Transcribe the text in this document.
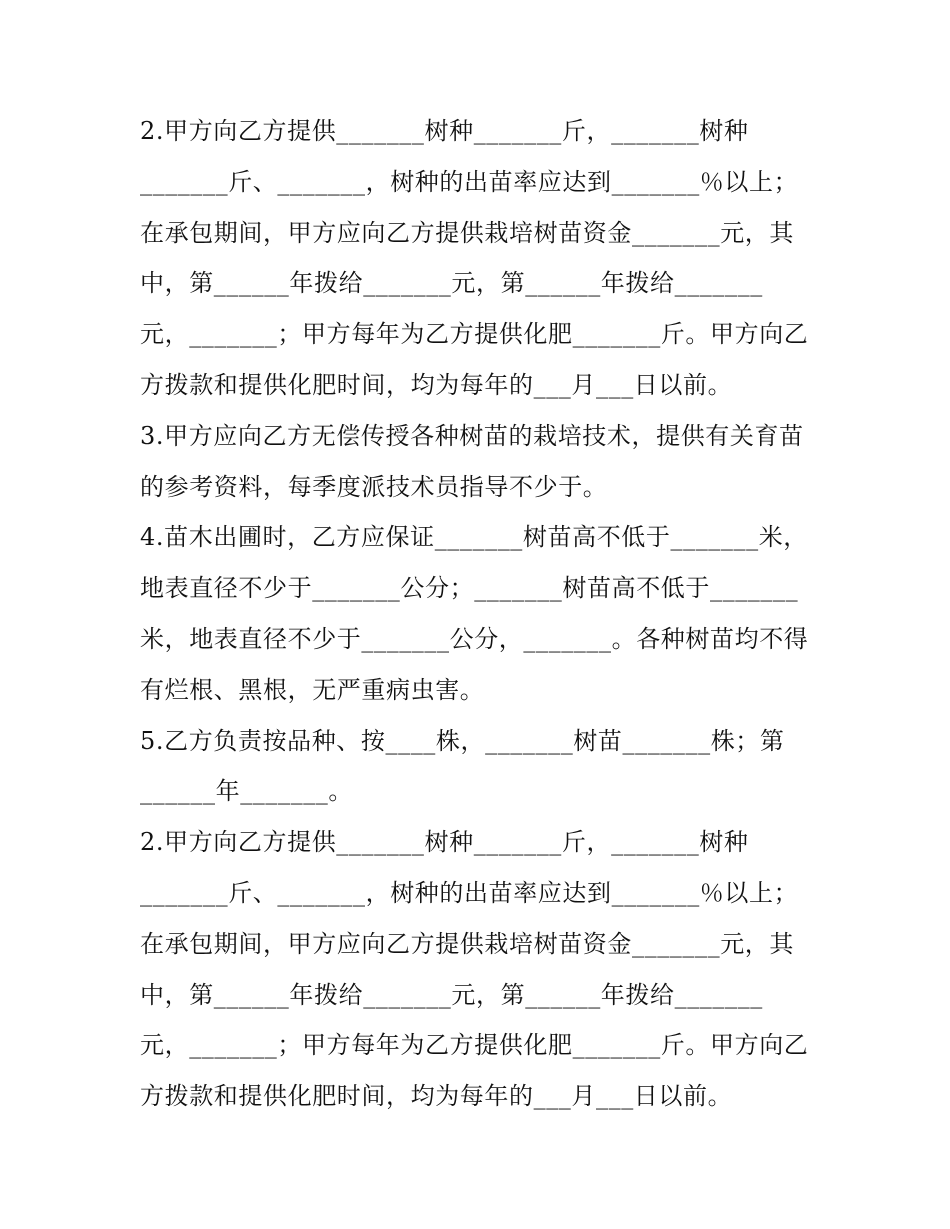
2.甲方向乙方提供_______树种_______斤，_______树种
_______斤、_______，树种的出苗率应达到_______％以上；
在承包期间，甲方应向乙方提供栽培树苗资金_______元，其
中，第______年拨给_______元，第______年拨给_______
元，_______；甲方每年为乙方提供化肥_______斤。甲方向乙
方拨款和提供化肥时间，均为每年的___月___日以前。
3.甲方应向乙方无偿传授各种树苗的栽培技术，提供有关育苗
的参考资料，每季度派技术员指导不少于。
4.苗木出圃时，乙方应保证_______树苗高不低于_______米，
地表直径不少于_______公分；_______树苗高不低于_______
米，地表直径不少于_______公分，_______。各种树苗均不得
有烂根、黑根，无严重病虫害。
5.乙方负责按品种、按____株，_______树苗_______株；第
______年_______。
2.甲方向乙方提供_______树种_______斤，_______树种
_______斤、_______，树种的出苗率应达到_______％以上；
在承包期间，甲方应向乙方提供栽培树苗资金_______元，其
中，第______年拨给_______元，第______年拨给_______
元，_______；甲方每年为乙方提供化肥_______斤。甲方向乙
方拨款和提供化肥时间，均为每年的___月___日以前。
